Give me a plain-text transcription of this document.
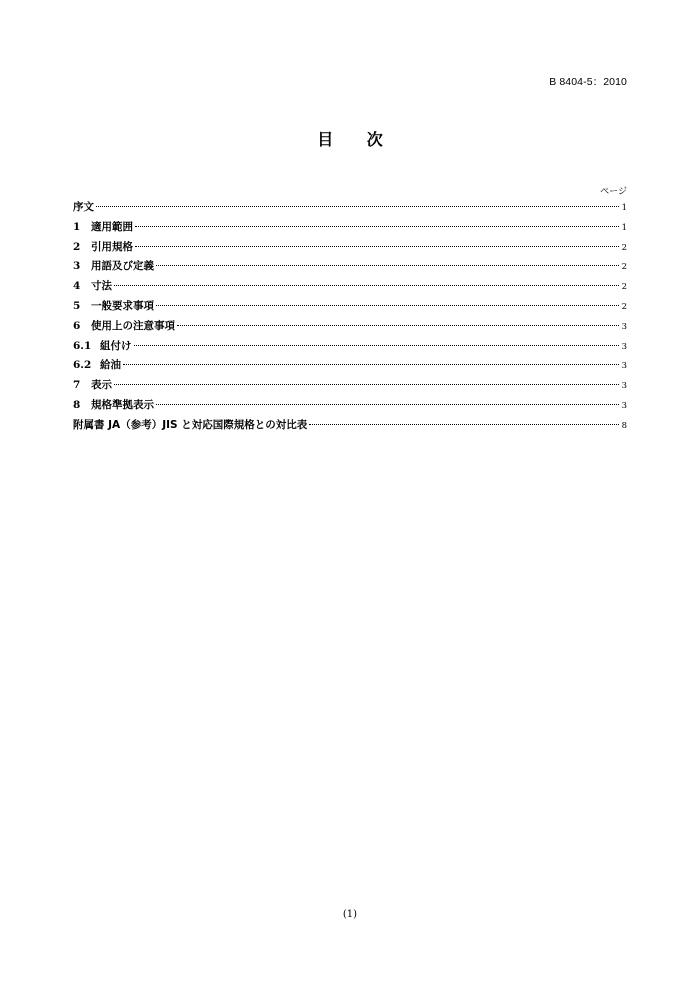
B 8404-5：2010
目 次
ページ
序文	1
1	適用範囲	1
2	引用規格	2
3	用語及び定義	2
4	寸法	2
5	一般要求事項	2
6	使用上の注意事項	3
6.1 組付け	3
6.2 給油	3
7	表示	3
8	規格準拠表示	3
附属書 JA（参考）JIS と対応国際規格との対比表	8
(1)
